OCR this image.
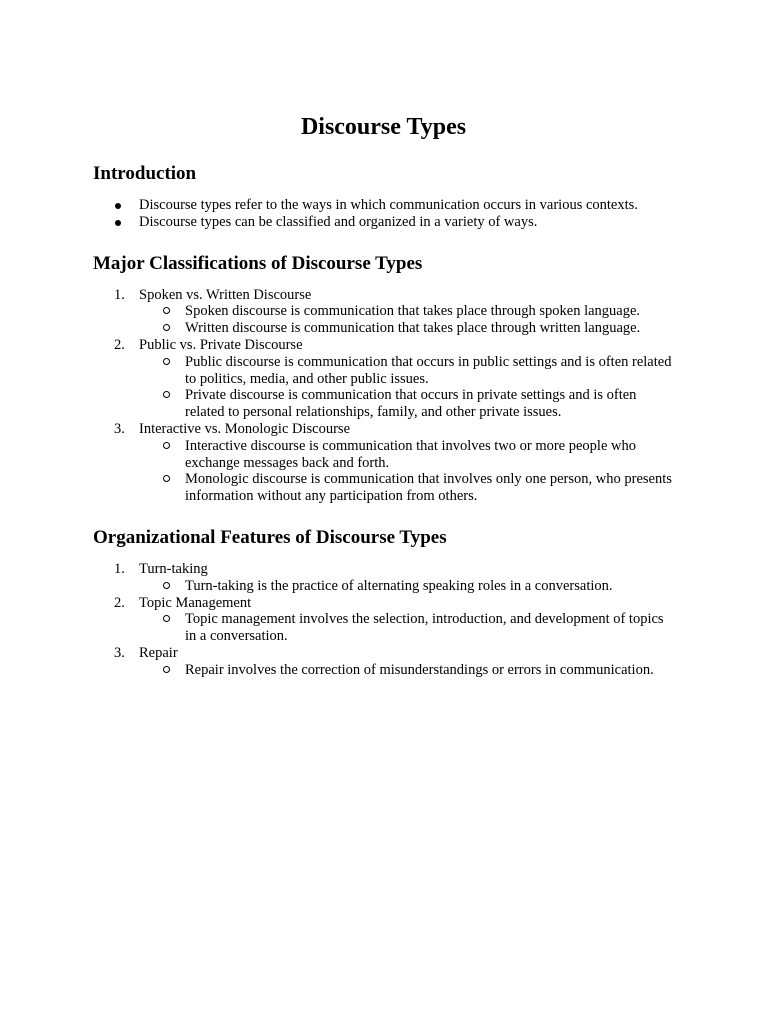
Discourse Types
Introduction
Discourse types refer to the ways in which communication occurs in various contexts.
Discourse types can be classified and organized in a variety of ways.
Major Classifications of Discourse Types
1. Spoken vs. Written Discourse
Spoken discourse is communication that takes place through spoken language.
Written discourse is communication that takes place through written language.
2. Public vs. Private Discourse
Public discourse is communication that occurs in public settings and is often related to politics, media, and other public issues.
Private discourse is communication that occurs in private settings and is often related to personal relationships, family, and other private issues.
3. Interactive vs. Monologic Discourse
Interactive discourse is communication that involves two or more people who exchange messages back and forth.
Monologic discourse is communication that involves only one person, who presents information without any participation from others.
Organizational Features of Discourse Types
1. Turn-taking
Turn-taking is the practice of alternating speaking roles in a conversation.
2. Topic Management
Topic management involves the selection, introduction, and development of topics in a conversation.
3. Repair
Repair involves the correction of misunderstandings or errors in communication.
